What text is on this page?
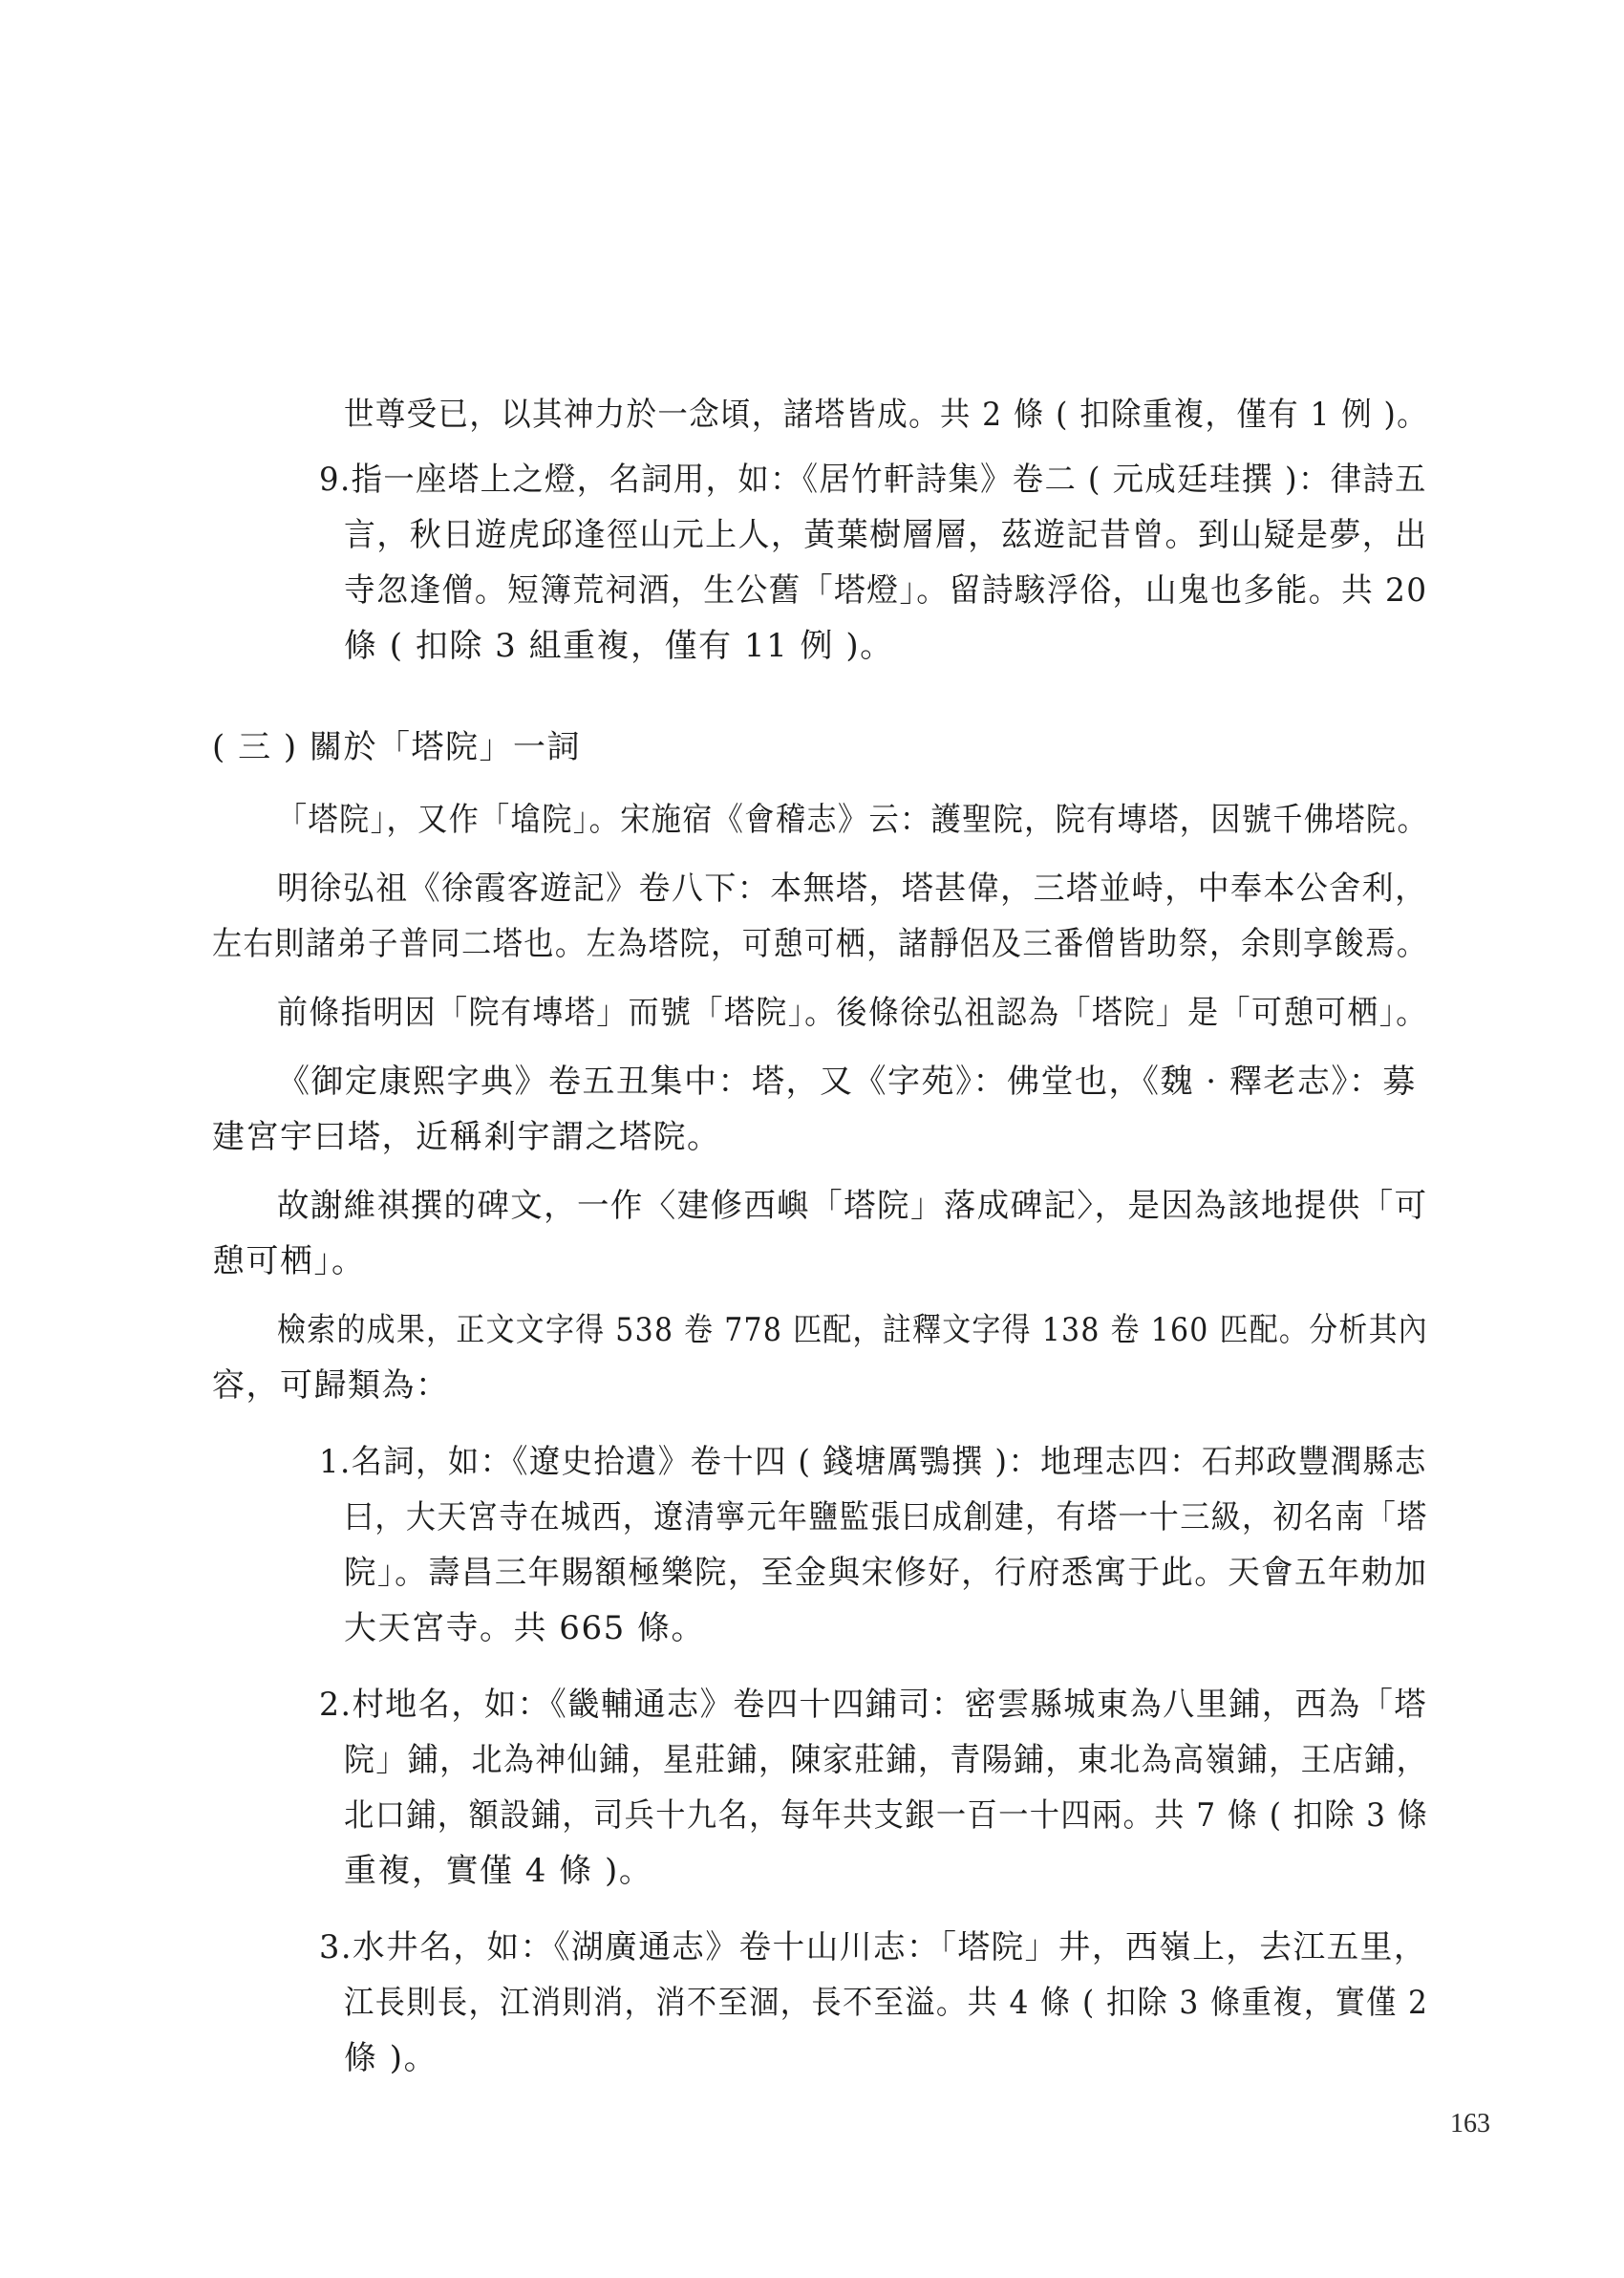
世尊受已，以其神力於一念頃，諸塔皆成。共 2 條 ( 扣除重複，僅有 1 例 )。

9.指一座塔上之燈，名詞用，如：《居竹軒詩集》卷二 ( 元成廷珪撰 )：律詩五

言，秋日遊虎邱逢徑山元上人，黃葉樹層層，茲遊記昔曾。到山疑是夢，出

寺忽逢僧。短簿荒祠酒，生公舊「塔燈」。留詩駭浮俗，山鬼也多能。共 20

條 ( 扣除 3 組重複，僅有 11 例 )。

( 三 ) 關於「塔院」一詞

「塔院」，又作「墖院」。宋施宿《會稽志》云：護聖院，院有塼塔，因號千佛塔院。

明徐弘祖《徐霞客遊記》卷八下：本無塔，塔甚偉，三塔並峙，中奉本公舍利，

左右則諸弟子普同二塔也。左為塔院，可憩可栖，諸靜侶及三番僧皆助祭，余則享餕焉。

前條指明因「院有塼塔」而號「塔院」。後條徐弘祖認為「塔院」是「可憩可栖」。

《御定康熙字典》卷五丑集中：塔，又《字苑》：佛堂也，《魏 · 釋老志》：募

建宮宇曰塔，近稱剎宇謂之塔院。

故謝維祺撰的碑文，一作〈建修西嶼「塔院」落成碑記〉，是因為該地提供「可

憩可栖」。

檢索的成果，正文文字得 538 卷 778 匹配，註釋文字得 138 卷 160 匹配。分析其內

容，可歸類為：

1.名詞，如：《遼史拾遺》卷十四 ( 錢塘厲鶚撰 )：地理志四：石邦政豐潤縣志

曰，大天宮寺在城西，遼清寧元年鹽監張曰成創建，有塔一十三級，初名南「塔

院」。壽昌三年賜額極樂院，至金與宋修好，行府悉寓于此。天會五年勅加

大天宮寺。共 665 條。

2.村地名，如：《畿輔通志》卷四十四鋪司：密雲縣城東為八里鋪，西為「塔

院」鋪，北為神仙鋪，星莊鋪，陳家莊鋪，青陽鋪，東北為高嶺鋪，王店鋪，

北口鋪，額設鋪，司兵十九名，每年共支銀一百一十四兩。共 7 條 ( 扣除 3 條

重複，實僅 4 條 )。

3.水井名，如：《湖廣通志》卷十山川志：「塔院」井，西嶺上，去江五里，

江長則長，江消則消，消不至涸，長不至溢。共 4 條 ( 扣除 3 條重複，實僅 2

條 )。

163
